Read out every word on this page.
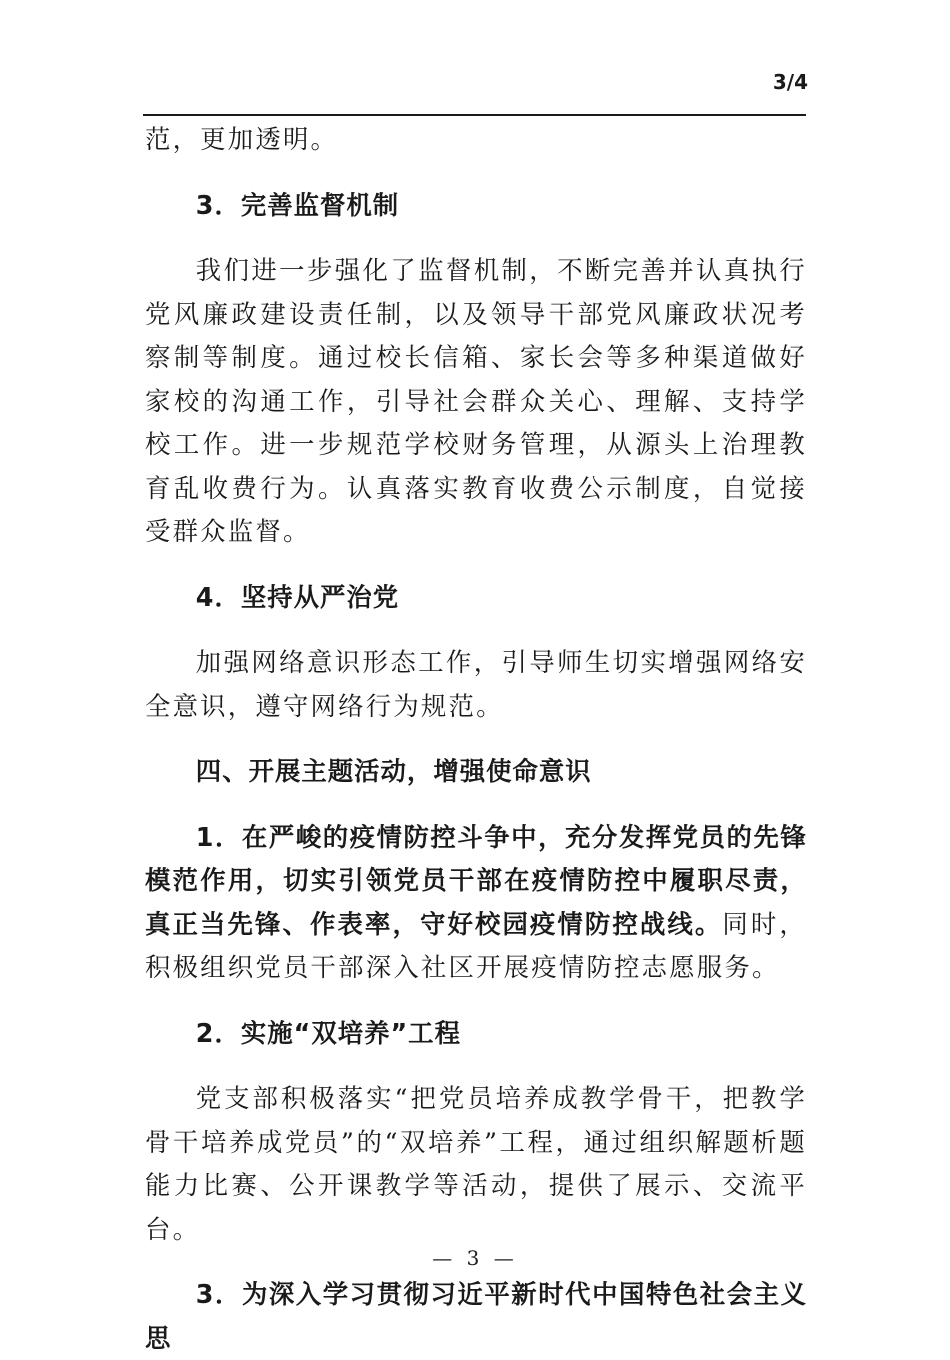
3/4

范，更加透明。

3．完善监督机制

我们进一步强化了监督机制，不断完善并认真执行党风廉政建设责任制，以及领导干部党风廉政状况考察制等制度。通过校长信箱、家长会等多种渠道做好家校的沟通工作，引导社会群众关心、理解、支持学校工作。进一步规范学校财务管理，从源头上治理教育乱收费行为。认真落实教育收费公示制度，自觉接受群众监督。

4．坚持从严治党

加强网络意识形态工作，引导师生切实增强网络安全意识，遵守网络行为规范。

四、开展主题活动，增强使命意识

1．在严峻的疫情防控斗争中，充分发挥党员的先锋模范作用，切实引领党员干部在疫情防控中履职尽责，真正当先锋、作表率，守好校园疫情防控战线。同时，积极组织党员干部深入社区开展疫情防控志愿服务。

2．实施“双培养”工程

党支部积极落实“把党员培养成教学骨干，把教学骨干培养成党员”的“双培养”工程，通过组织解题析题能力比赛、公开课教学等活动，提供了展示、交流平台。

3．为深入学习贯彻习近平新时代中国特色社会主义思

— 3 —
